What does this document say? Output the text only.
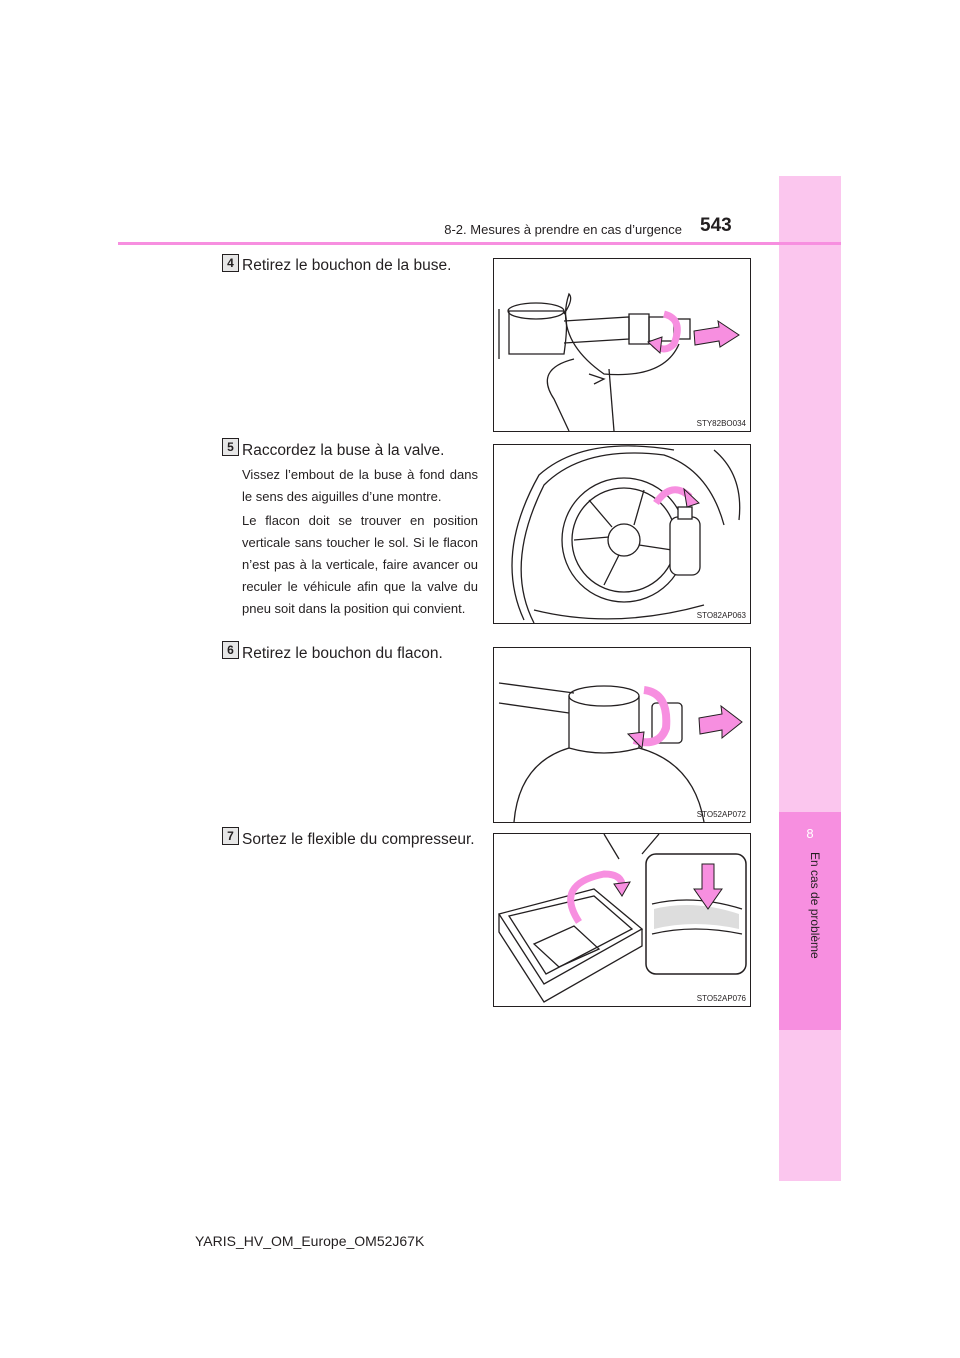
8
En cas de problème
8-2. Mesures à prendre en cas d’urgence 543
4 Retirez le bouchon de la buse.
STY82BO034
5 Raccordez la buse à la valve.
Vissez l’embout de la buse à fond dans le sens des aiguilles d’une montre.
Le flacon doit se trouver en position verticale sans toucher le sol. Si le flacon n’est pas à la verticale, faire avancer ou reculer le véhicule afin que la valve du pneu soit dans la position qui convient.	STO82AP063
6 Retirez le bouchon du flacon.
STO52AP072
7 Sortez le flexible du compresseur.
STO52AP076
YARIS_HV_OM_Europe_OM52J67K
